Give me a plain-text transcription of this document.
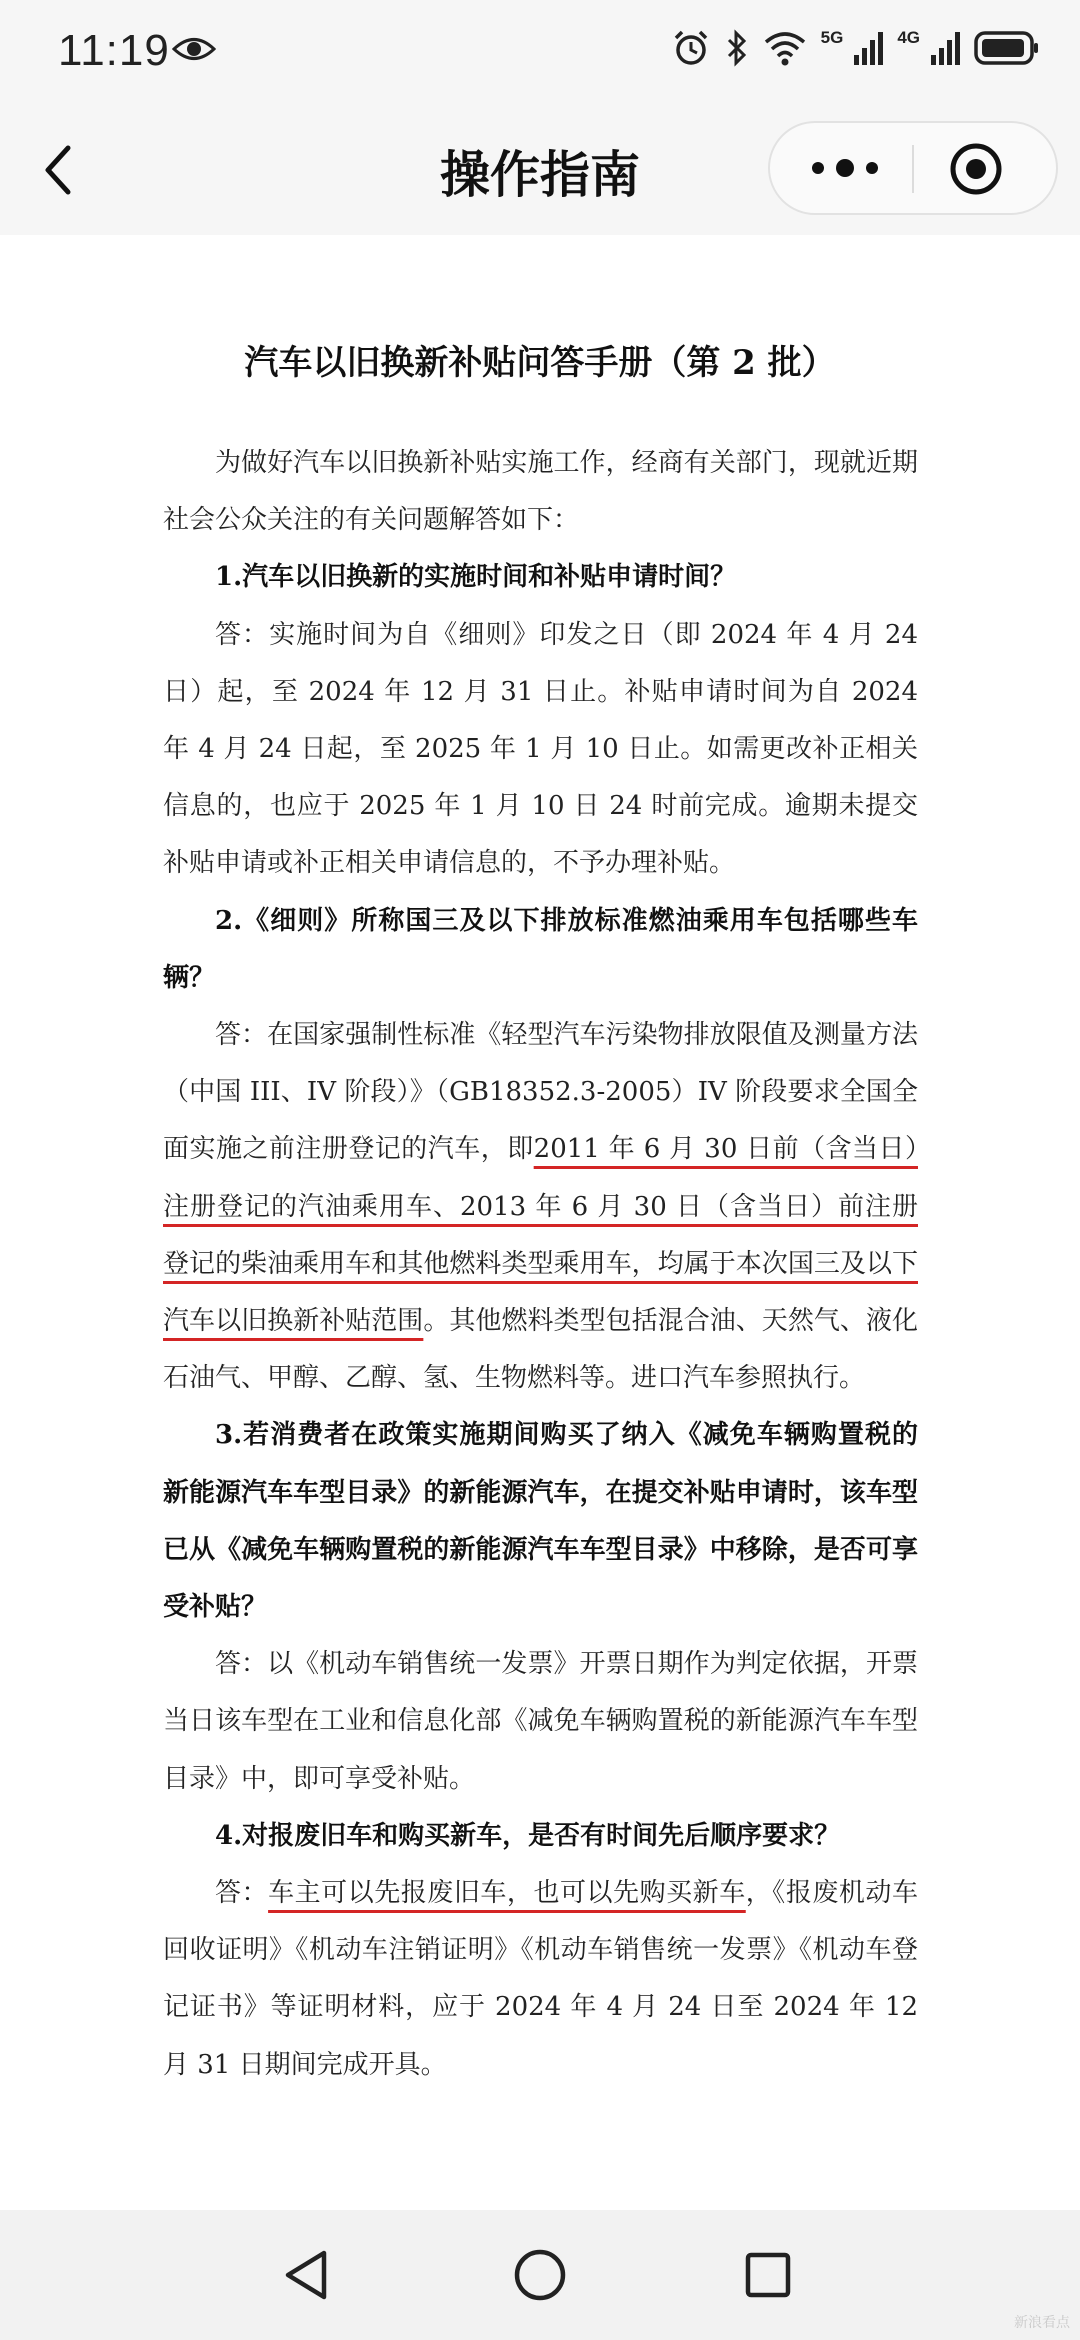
11:19	5G	4G
操作指南
汽车以旧换新补贴问答手册（第 2 批）

为做好汽车以旧换新补贴实施工作，经商有关部门，现就近期社会公众关注的有关问题解答如下：

1.汽车以旧换新的实施时间和补贴申请时间？

答：实施时间为自《细则》印发之日（即 2024 年 4 月 24 日）起，至 2024 年 12 月 31 日止。补贴申请时间为自 2024 年 4 月 24 日起，至 2025 年 1 月 10 日止。如需更改补正相关信息的，也应于 2025 年 1 月 10 日 24 时前完成。逾期未提交补贴申请或补正相关申请信息的，不予办理补贴。

2.《细则》所称国三及以下排放标准燃油乘用车包括哪些车辆？

答：在国家强制性标准《轻型汽车污染物排放限值及测量方法（中国 III、IV 阶段）》（GB18352.3-2005）IV 阶段要求全国全面实施之前注册登记的汽车，即2011 年 6 月 30 日前（含当日）注册登记的汽油乘用车、2013 年 6 月 30 日（含当日）前注册登记的柴油乘用车和其他燃料类型乘用车，均属于本次国三及以下汽车以旧换新补贴范围。其他燃料类型包括混合油、天然气、液化石油气、甲醇、乙醇、氢、生物燃料等。进口汽车参照执行。

3.若消费者在政策实施期间购买了纳入《减免车辆购置税的新能源汽车车型目录》的新能源汽车，在提交补贴申请时，该车型已从《减免车辆购置税的新能源汽车车型目录》中移除，是否可享受补贴？

答：以《机动车销售统一发票》开票日期作为判定依据，开票当日该车型在工业和信息化部《减免车辆购置税的新能源汽车车型目录》中，即可享受补贴。

4.对报废旧车和购买新车，是否有时间先后顺序要求？

答：车主可以先报废旧车，也可以先购买新车，《报废机动车回收证明》《机动车注销证明》《机动车销售统一发票》《机动车登记证书》等证明材料，应于 2024 年 4 月 24 日至 2024 年 12 月 31 日期间完成开具。

新浪看点
